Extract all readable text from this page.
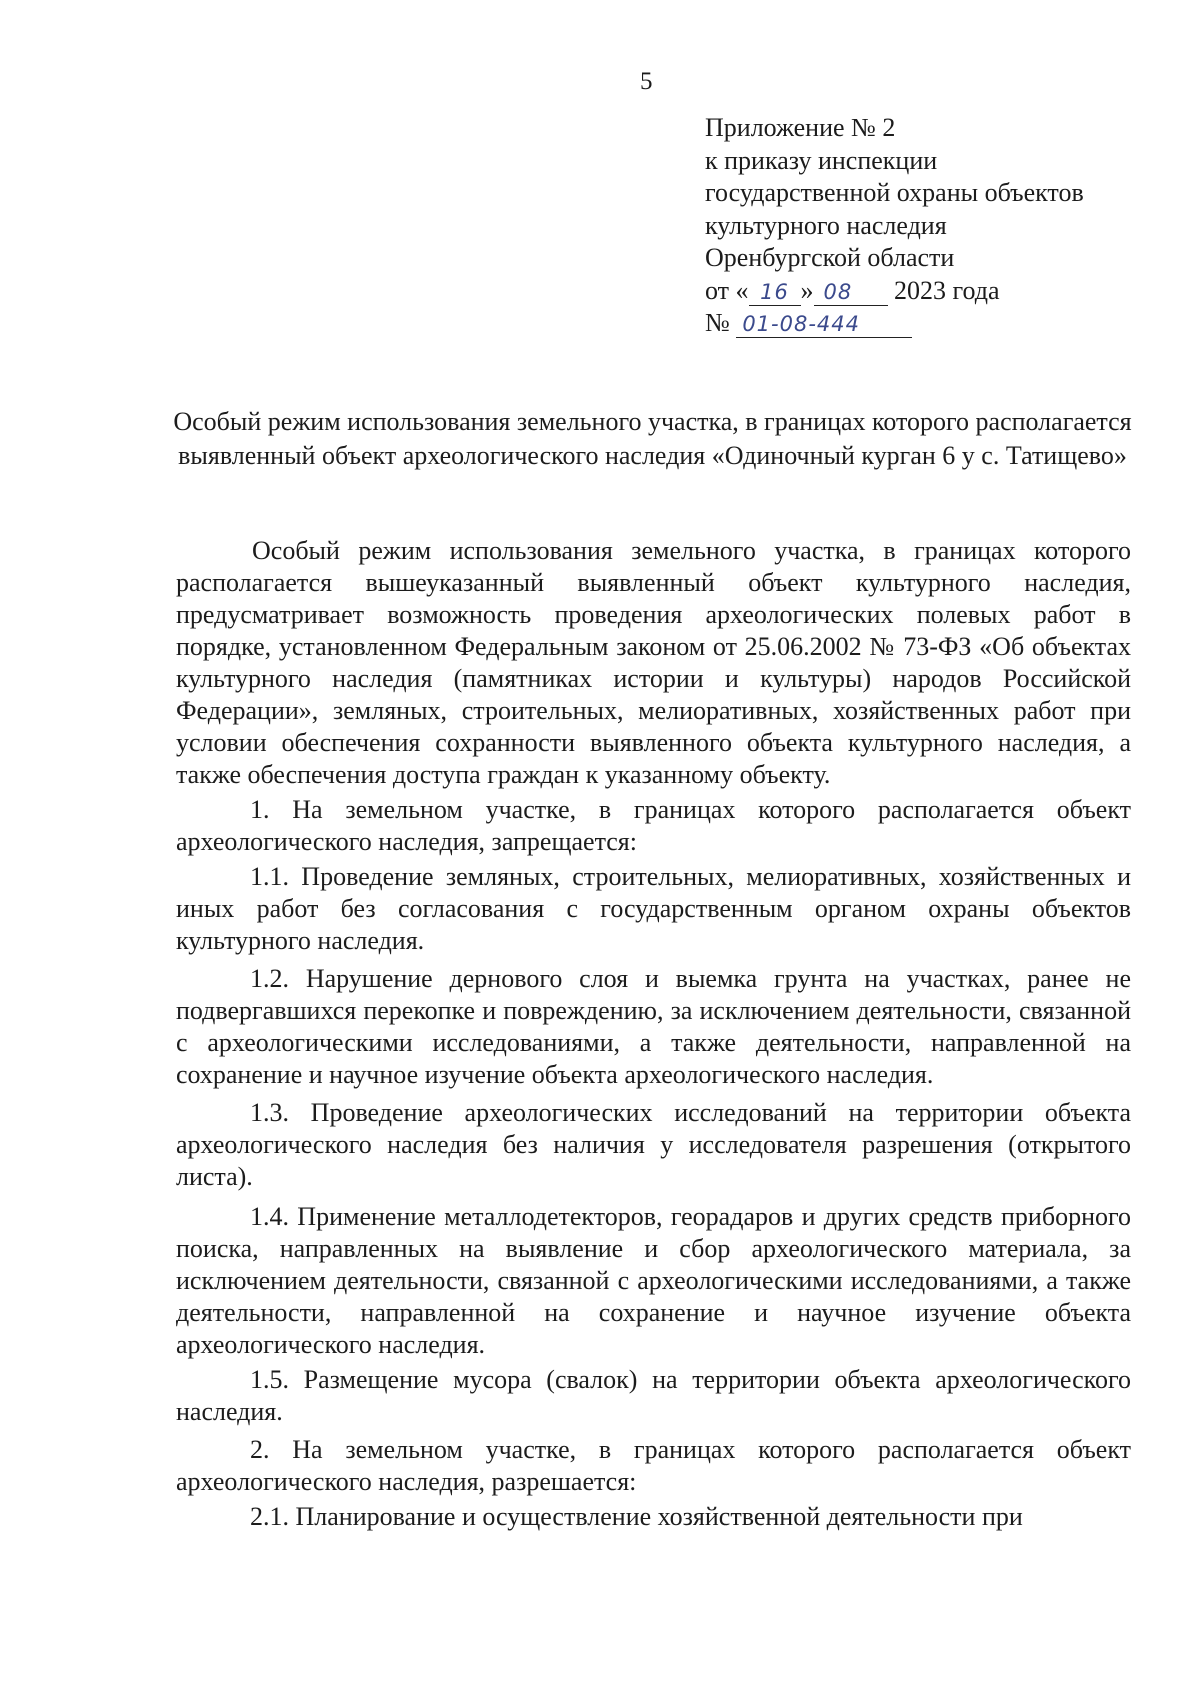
5
Приложение № 2
к приказу инспекции
государственной охраны объектов
культурного наследия
Оренбургской области
от « 16 » 08 2023 года
№ 01-08-444
Особый режим использования земельного участка, в границах которого располагается выявленный объект археологического наследия «Одиночный курган 6 у с. Татищево»

Особый режим использования земельного участка, в границах которого располагается вышеуказанный выявленный объект культурного наследия, предусматривает возможность проведения археологических полевых работ в порядке, установленном Федеральным законом от 25.06.2002 № 73-ФЗ «Об объектах культурного наследия (памятниках истории и культуры) народов Российской Федерации», земляных, строительных, мелиоративных, хозяйственных работ при условии обеспечения сохранности выявленного объекта культурного наследия, а также обеспечения доступа граждан к указанному объекту.

1. На земельном участке, в границах которого располагается объект археологического наследия, запрещается:

1.1. Проведение земляных, строительных, мелиоративных, хозяйственных и иных работ без согласования с государственным органом охраны объектов культурного наследия.

1.2. Нарушение дернового слоя и выемка грунта на участках, ранее не подвергавшихся перекопке и повреждению, за исключением деятельности, связанной с археологическими исследованиями, а также деятельности, направленной на сохранение и научное изучение объекта археологического наследия.

1.3. Проведение археологических исследований на территории объекта археологического наследия без наличия у исследователя разрешения (открытого листа).

1.4. Применение металлодетекторов, георадаров и других средств приборного поиска, направленных на выявление и сбор археологического материала, за исключением деятельности, связанной с археологическими исследованиями, а также деятельности, направленной на сохранение и научное изучение объекта археологического наследия.

1.5. Размещение мусора (свалок) на территории объекта археологического наследия.

2. На земельном участке, в границах которого располагается объект археологического наследия, разрешается:

2.1. Планирование и осуществление хозяйственной деятельности при
